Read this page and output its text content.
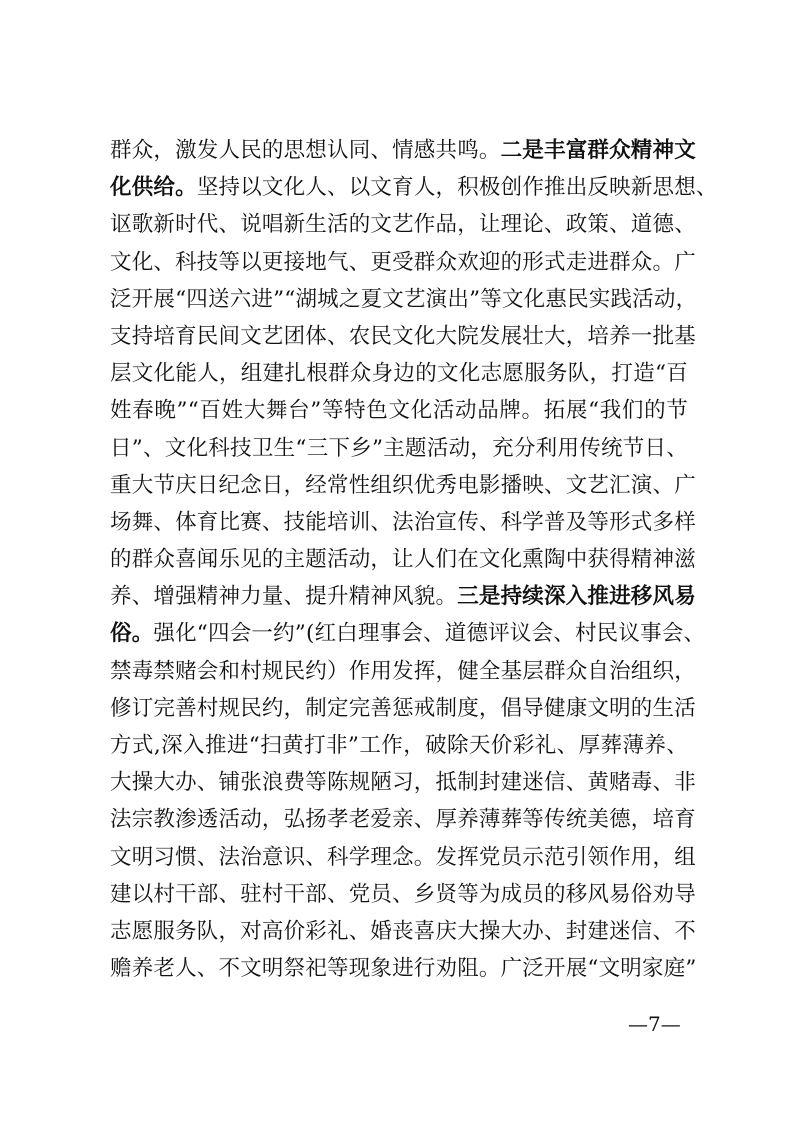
群众，激发人民的思想认同、情感共鸣。二是丰富群众精神文
化供给。坚持以文化人、以文育人，积极创作推出反映新思想、
讴歌新时代、说唱新生活的文艺作品，让理论、政策、道德、
文化、科技等以更接地气、更受群众欢迎的形式走进群众。广
泛开展“四送六进”“湖城之夏文艺演出”等文化惠民实践活动，
支持培育民间文艺团体、农民文化大院发展壮大，培养一批基
层文化能人，组建扎根群众身边的文化志愿服务队，打造“百
姓春晚”“百姓大舞台”等特色文化活动品牌。拓展“我们的节
日”、文化科技卫生“三下乡”主题活动，充分利用传统节日、
重大节庆日纪念日，经常性组织优秀电影播映、文艺汇演、广
场舞、体育比赛、技能培训、法治宣传、科学普及等形式多样
的群众喜闻乐见的主题活动，让人们在文化熏陶中获得精神滋
养、增强精神力量、提升精神风貌。三是持续深入推进移风易
俗。强化“四会一约”(红白理事会、道德评议会、村民议事会、
禁毒禁赌会和村规民约）作用发挥，健全基层群众自治组织，
修订完善村规民约，制定完善惩戒制度，倡导健康文明的生活
方式,深入推进“扫黄打非”工作，破除天价彩礼、厚葬薄养、
大操大办、铺张浪费等陈规陋习，抵制封建迷信、黄赌毒、非
法宗教渗透活动，弘扬孝老爱亲、厚养薄葬等传统美德，培育
文明习惯、法治意识、科学理念。发挥党员示范引领作用，组
建以村干部、驻村干部、党员、乡贤等为成员的移风易俗劝导
志愿服务队，对高价彩礼、婚丧喜庆大操大办、封建迷信、不
赡养老人、不文明祭祀等现象进行劝阻。广泛开展“文明家庭”
—7—
